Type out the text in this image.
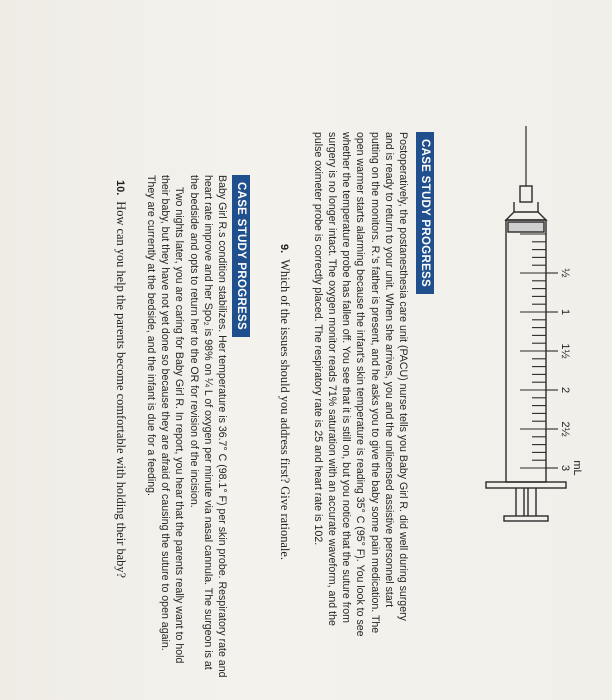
½
1
1½
2
2½
3 mL
CASE STUDY PROGRESS

Postoperatively, the postanesthesia care unit (PACU) nurse tells you Baby Girl R. did well during surgery

and is ready to return to your unit. When she arrives, you and the unlicensed assistive personnel start

putting on the monitors. R.'s father is present, and he asks you to give the baby some pain medication. The

open warmer starts alarming because the infant's skin temperature is reading 35° C (95° F). You look to see

whether the temperature probe has fallen off. You see that it is still on, but you notice that the suture from

surgery is no longer intact. The oxygen monitor reads 71% saturation with an accurate waveform, and the

pulse oximeter probe is correctly placed. The respiratory rate is 25 and heart rate is 102.

9.Which of the issues should you address first? Give rationale.
CASE STUDY PROGRESS

Baby Girl R.s condition stabilizes. Her temperature is 36.7° C (98.1° F) per skin probe. Respiratory rate and

heart rate improve and her Spo₂ is 98% on ¼ L of oxygen per minute via nasal cannula. The surgeon is at

the bedside and opts to return her to the OR for revision of the incision.

Two nights later, you are caring for Baby Girl R. In report, you hear that the parents really want to hold

their baby, but they have not yet done so because they are afraid of causing the suture to open again.

They are currently at the bedside, and the infant is due for a feeding.

10.How can you help the parents become comfortable with holding their baby?
